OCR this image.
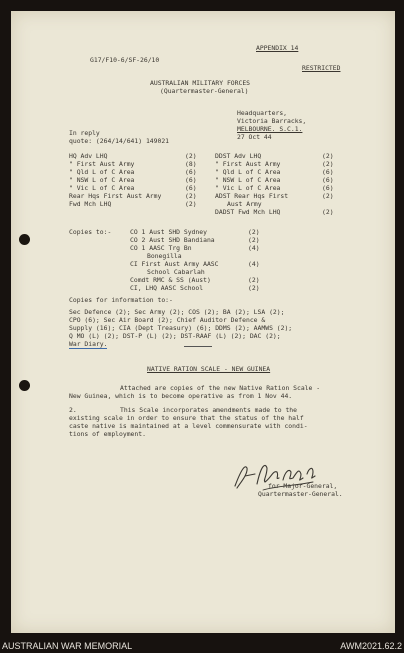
G17/F10-6/SF-26/10
APPENDIX 14
RESTRICTED
AUSTRALIAN MILITARY FORCES
(Quartermaster-General)
Headquarters,
Victoria Barracks,
MELBOURNE. S.C.1.
27 Oct 44
In reply
quote: (264/14/641) 149021
HQ Adv LHQ	(2)
" First Aust Army	(8)
" Qld L of C Area	(6)
" NSW L of C Area	(6)
" Vic L of C Area	(6)
Rear Hqs First Aust Army	(2)
Fwd Mch LHQ	(2)
DDST Adv LHQ	(2)
" First Aust Army	(2)
" Qld L of C Area	(6)
" NSW L of C Area	(6)
" Vic L of C Area	(6)
ADST Rear Hqs First	(2)
Aust Army
DADST Fwd Mch LHQ	(2)
Copies to:-	CO 1 Aust SHD Sydney	(2)
CO 2 Aust SHD Bandiana	(2)
CO 1 AASC Trg Bn	(4)
Bonegilla
CI First Aust Army AASC	(4)
School Cabarlah
Comdt RMC & SS (Aust)	(2)
CI, LHQ AASC School	(2)
Copies for information to:-
Sec Defence (2); Sec Army (2); COS (2); BA (2); LSA (2);
CPO (6); Sec Air Board (2); Chief Auditor Defence &
Supply (16); CIA (Dept Treasury) (6); DDMS (2); AAMWS (2);
Q MO (L) (2); DST-P (L) (2); DST-RAAF (L) (2); DAC (2);
War Diary.
NATIVE RATION SCALE - NEW GUINEA
Attached are copies of the new Native Ration Scale -
New Guinea, which is to become operative as from 1 Nov 44.
2.	This Scale incorporates amendments made to the
existing scale in order to ensure that the status of the half
caste native is maintained at a level commensurate with condi-
tions of employment.
for Major-General,
Quartermaster-General.
AUSTRALIAN WAR MEMORIAL	AWM2021.62.2
